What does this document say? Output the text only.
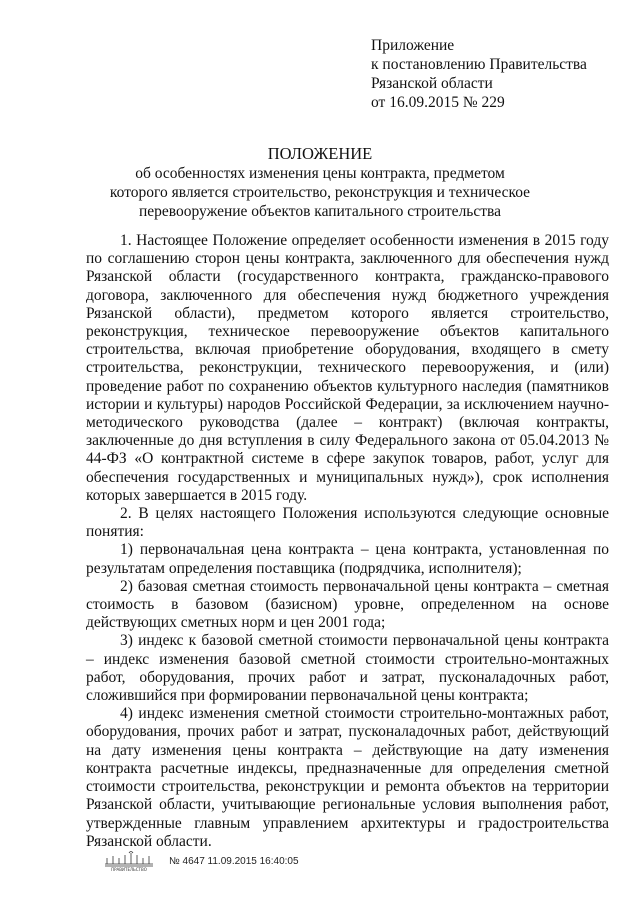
Приложение
к постановлению Правительства
Рязанской области
от 16.09.2015 № 229
ПОЛОЖЕНИЕ
об особенностях изменения цены контракта, предметом
которого является строительство, реконструкция и техническое
перевооружение объектов капитального строительства

1. Настоящее Положение определяет особенности изменения в 2015 году по соглашению сторон цены контракта, заключенного для обеспечения нужд Рязанской области (государственного контракта, гражданско-правового договора, заключенного для обеспечения нужд бюджетного учреждения Рязанской области), предметом которого является строительство, реконструкция, техническое перевооружение объектов капитального строительства, включая приобретение оборудования, входящего в смету строительства, реконструкции, технического перевооружения, и (или) проведение работ по сохранению объектов культурного наследия (памятников истории и культуры) народов Российской Федерации, за исключением научно-методического руководства (далее – контракт) (включая контракты, заключенные до дня вступления в силу Федерального закона от 05.04.2013 № 44-ФЗ «О контрактной системе в сфере закупок товаров, работ, услуг для обеспечения государственных и муниципальных нужд»), срок исполнения которых завершается в 2015 году.

2. В целях настоящего Положения используются следующие основные понятия:

1) первоначальная цена контракта – цена контракта, установленная по результатам определения поставщика (подрядчика, исполнителя);

2) базовая сметная стоимость первоначальной цены контракта – сметная стоимость в базовом (базисном) уровне, определенном на основе действующих сметных норм и цен 2001 года;

3) индекс к базовой сметной стоимости первоначальной цены контракта – индекс изменения базовой сметной стоимости строительно-монтажных работ, оборудования, прочих работ и затрат, пусконаладочных работ, сложившийся при формировании первоначальной цены контракта;

4) индекс изменения сметной стоимости строительно-монтажных работ, оборудования, прочих работ и затрат, пусконаладочных работ, действующий на дату изменения цены контракта – действующие на дату изменения контракта расчетные индексы, предназначенные для определения сметной стоимости строительства, реконструкции и ремонта объектов на территории Рязанской области, учитывающие региональные условия выполнения работ, утвержденные главным управлением архитектуры и градостроительства Рязанской области.

ПРАВИТЕЛЬСТВО
№ 4647 11.09.2015 16:40:05
